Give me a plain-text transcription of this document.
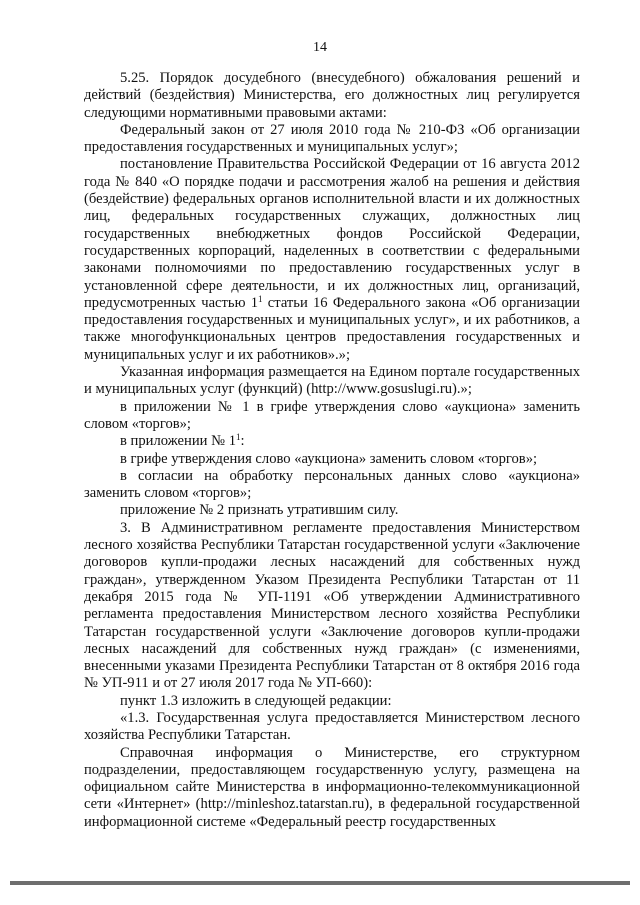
14

5.25. Порядок досудебного (внесудебного) обжалования решений и действий (бездействия) Министерства, его должностных лиц регулируется следующими нормативными правовыми актами:

Федеральный закон от 27 июля 2010 года № 210-ФЗ «Об организации предоставления государственных и муниципальных услуг»;

постановление Правительства Российской Федерации от 16 августа 2012 года № 840 «О порядке подачи и рассмотрения жалоб на решения и действия (бездействие) федеральных органов исполнительной власти и их должностных лиц, федеральных государственных служащих, должностных лиц государственных внебюджетных фондов Российской Федерации, государственных корпораций, наделенных в соответствии с федеральными законами полномочиями по предоставлению государственных услуг в установленной сфере деятельности, и их должностных лиц, организаций, предусмотренных частью $1^1$ статьи 16 Федерального закона «Об организации предоставления государственных и муниципальных услуг», и их работников, а также многофункциональных центров предоставления государственных и муниципальных услуг и их работников».»;

Указанная информация размещается на Едином портале государственных и муниципальных услуг (функций) (http://www.gosuslugi.ru).»;

в приложении № 1 в грифе утверждения слово «аукциона» заменить словом «торгов»;

в приложении № $1^1$:

в грифе утверждения слово «аукциона» заменить словом «торгов»;

в согласии на обработку персональных данных слово «аукциона» заменить словом «торгов»;

приложение № 2 признать утратившим силу.

3. В Административном регламенте предоставления Министерством лесного хозяйства Республики Татарстан государственной услуги «Заключение договоров купли-продажи лесных насаждений для собственных нужд граждан», утвержденном Указом Президента Республики Татарстан от 11 декабря 2015 года № УП-1191 «Об утверждении Административного регламента предоставления Министерством лесного хозяйства Республики Татарстан государственной услуги «Заключение договоров купли-продажи лесных насаждений для собственных нужд граждан» (с изменениями, внесенными указами Президента Республики Татарстан от 8 октября 2016 года № УП-911 и от 27 июля 2017 года № УП-660):

пункт 1.3 изложить в следующей редакции:

«1.3. Государственная услуга предоставляется Министерством лесного хозяйства Республики Татарстан.

Справочная информация о Министерстве, его структурном подразделении, предоставляющем государственную услугу, размещена на официальном сайте Министерства в информационно-телекоммуникационной сети «Интернет» (http://minleshoz.tatarstan.ru), в федеральной государственной информационной системе «Федеральный реестр государственных
